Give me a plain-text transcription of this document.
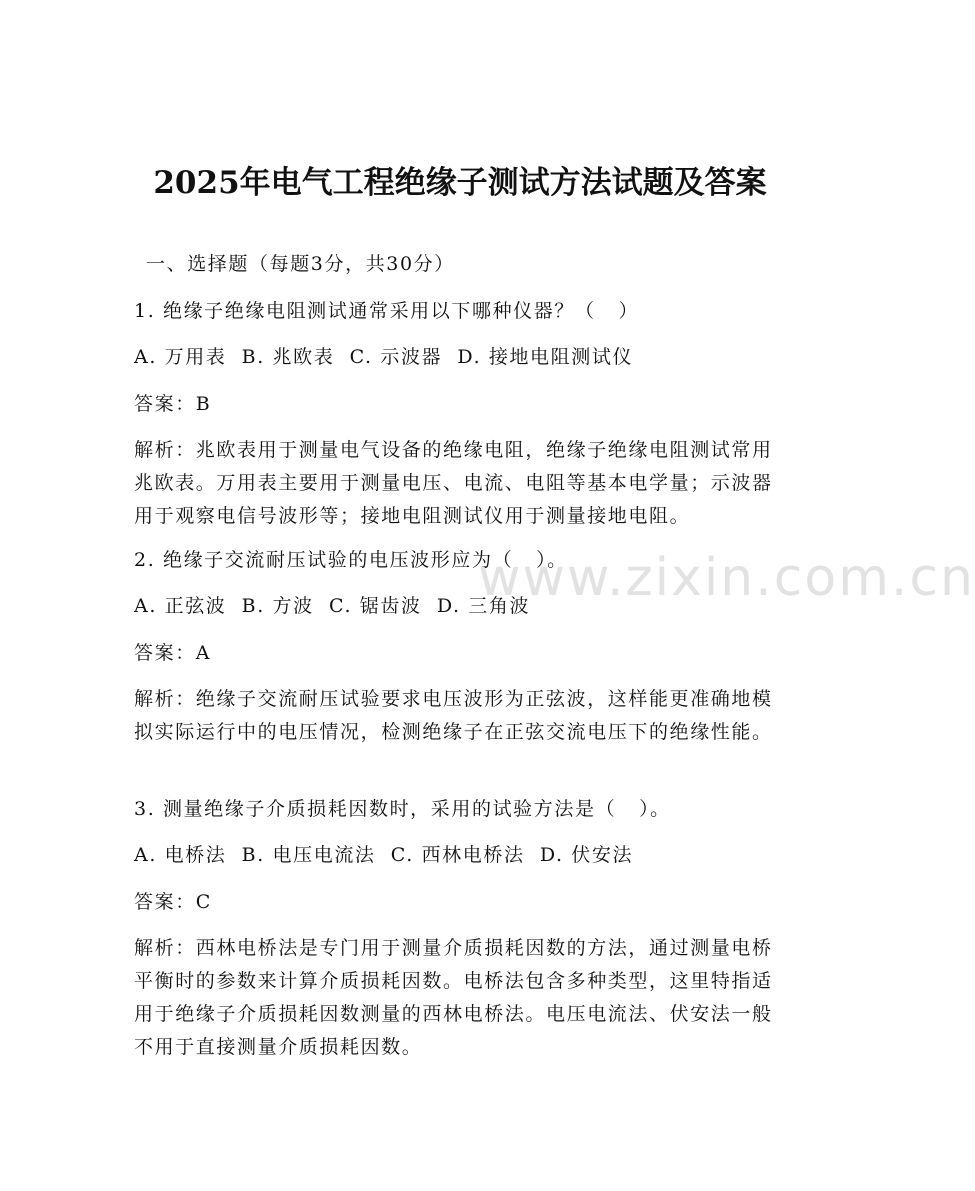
www.zixin.com.cn
2025年电气工程绝缘子测试方法试题及答案
一、选择题（每题3分，共30分）
1. 绝缘子绝缘电阻测试通常采用以下哪种仪器？（   ）
A. 万用表  B. 兆欧表  C. 示波器  D. 接地电阻测试仪
答案：B
解析：兆欧表用于测量电气设备的绝缘电阻，绝缘子绝缘电阻测试常用兆欧表。万用表主要用于测量电压、电流、电阻等基本电学量；示波器用于观察电信号波形等；接地电阻测试仪用于测量接地电阻。
2. 绝缘子交流耐压试验的电压波形应为（   ）。
A. 正弦波  B. 方波  C. 锯齿波  D. 三角波
答案：A
解析：绝缘子交流耐压试验要求电压波形为正弦波，这样能更准确地模拟实际运行中的电压情况，检测绝缘子在正弦交流电压下的绝缘性能。
3. 测量绝缘子介质损耗因数时，采用的试验方法是（   ）。
A. 电桥法  B. 电压电流法  C. 西林电桥法  D. 伏安法
答案：C
解析：西林电桥法是专门用于测量介质损耗因数的方法，通过测量电桥平衡时的参数来计算介质损耗因数。电桥法包含多种类型，这里特指适用于绝缘子介质损耗因数测量的西林电桥法。电压电流法、伏安法一般不用于直接测量介质损耗因数。
